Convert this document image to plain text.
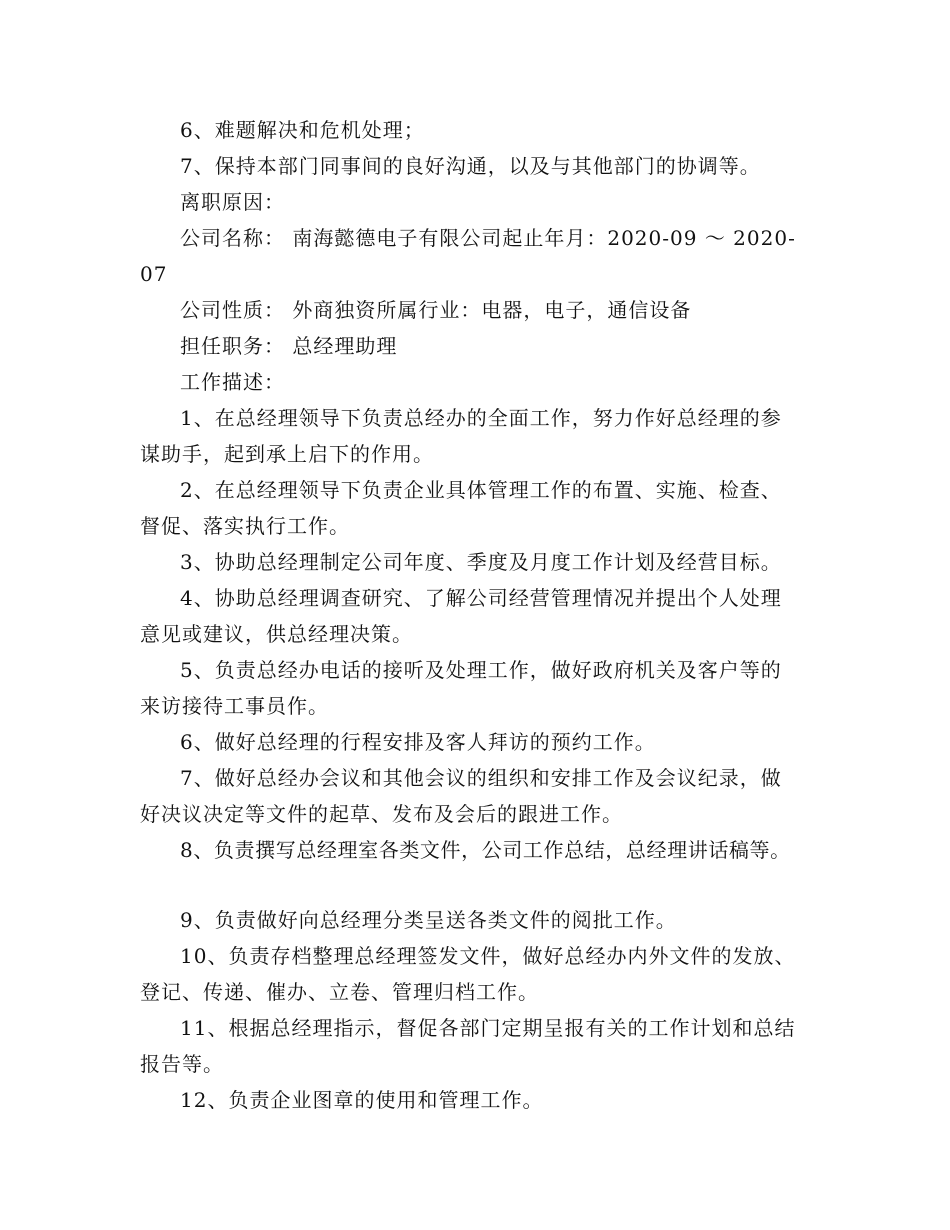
6、难题解决和危机处理；
7、保持本部门同事间的良好沟通，以及与其他部门的协调等。
离职原因：
公司名称： 南海懿德电子有限公司起止年月：2020-09 ～ 2020-
07
公司性质： 外商独资所属行业：电器，电子，通信设备
担任职务： 总经理助理
工作描述：
1、在总经理领导下负责总经办的全面工作，努力作好总经理的参
谋助手，起到承上启下的作用。
2、在总经理领导下负责企业具体管理工作的布置、实施、检查、
督促、落实执行工作。
3、协助总经理制定公司年度、季度及月度工作计划及经营目标。
4、协助总经理调查研究、了解公司经营管理情况并提出个人处理
意见或建议，供总经理决策。
5、负责总经办电话的接听及处理工作，做好政府机关及客户等的
来访接待工事员作。
6、做好总经理的行程安排及客人拜访的预约工作。
7、做好总经办会议和其他会议的组织和安排工作及会议纪录，做
好决议决定等文件的起草、发布及会后的跟进工作。
8、负责撰写总经理室各类文件，公司工作总结，总经理讲话稿等。
9、负责做好向总经理分类呈送各类文件的阅批工作。
10、负责存档整理总经理签发文件，做好总经办内外文件的发放、
登记、传递、催办、立卷、管理归档工作。
11、根据总经理指示，督促各部门定期呈报有关的工作计划和总结
报告等。
12、负责企业图章的使用和管理工作。
